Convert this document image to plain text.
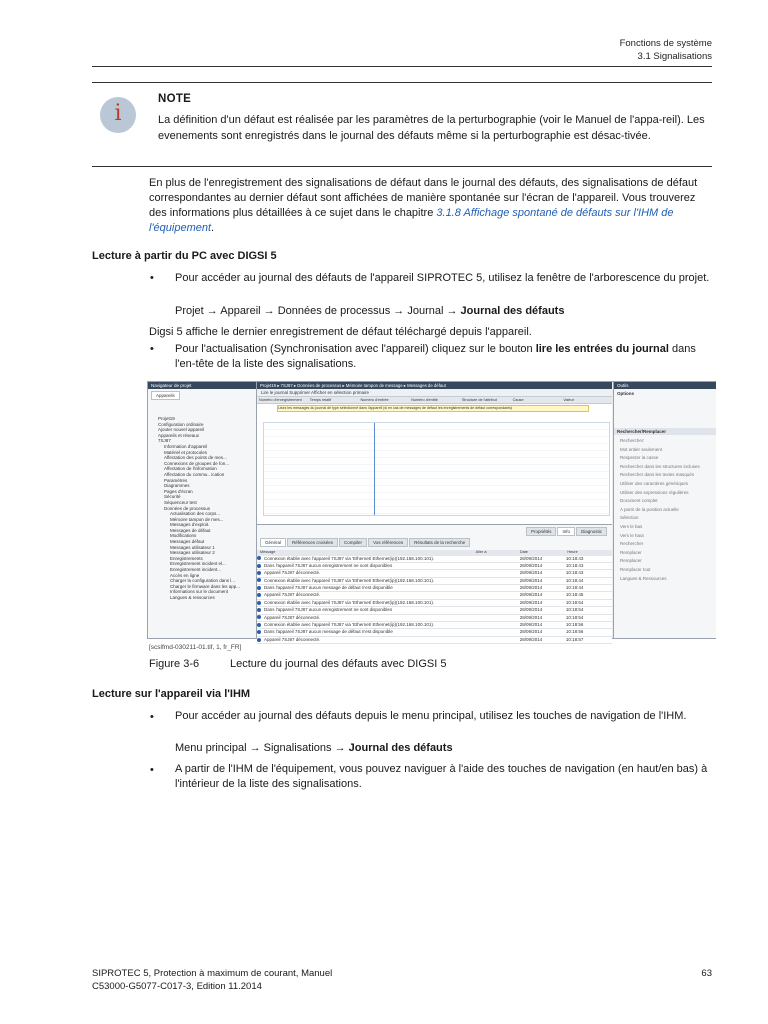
Fonctions de système
3.1 Signalisations
i
NOTE
La définition d'un défaut est réalisée par les paramètres de la perturbographie (voir le Manuel de l'appa-reil). Les evenements sont enregistrés dans le journal des défauts même si la perturbographie est désac-tivée.
En plus de l'enregistrement des signalisations de défaut dans le journal des défauts, des signalisations de défaut correspondantes au dernier défaut sont affichées de manière spontanée sur l'écran de l'appareil. Vous trouverez des informations plus détaillées à ce sujet dans le chapitre 3.1.8 Affichage spontané de défauts sur l'IHM de l'équipement.
Lecture à partir du PC avec DIGSI 5
• Pour accéder au journal des défauts de l'appareil SIPROTEC 5, utilisez la fenêtre de l'arborescence du projet.
Projet → Appareil → Données de processus → Journal → Journal des défauts
Digsi 5 affiche le dernier enregistrement de défaut téléchargé depuis l'appareil.
• Pour l'actualisation (Synchronisation avec l'appareil) cliquez sur le bouton lire les entrées du journal dans l'en-tête de la liste des signalisations.
Navigateur de projet
Appareils
Projet19
Configuration ordinaire
Ajouter nouvel appareil
Appareils et réseaux
7SJ87
Information d'appareil
Matériel et protocoles
Affectation des points de mes...
Connexions de groupes de fon...
Affectation de l'information
Affectation du commu.. ication
Paramètres
Diagrammes
Pages d'écran
Sécurité
Séquenceur test
Données de processus
Actualisation des corps...
Mémoire tampon de mes...
Messages d'exploit.
Messages de défaut
Modifications
Messages défaut
Messages utilisateur 1
Messages utilisateur 2
Enregistrements
Enregistrement incident el...
Enregistrement incident...
Accès en ligne
Charger la configuration dans l...
Charger le firmware dans les app...
Informations sur le document
Langues & ressources
Projet19 ▸ 7SJ87 ▸ Données de processus ▸ Mémoire tampon de message ▸ Messages de défaut
Lire le journal Supprimer Afficher en sélection primaire
Numéro d'enregistrement	Temps relatif	Numéro d'entrée	Numéro d'entité	Structure de l'attribut	Cause	Valeur
Lisez les messages du journal de type sélectionné dans l'appareil (si en cas de messages de défaut les enregistrements de défaut correspondants)
Propriétés Info Diagnostic
Général Références croisées Compiler Vos références Résultats de la recherche
Message	Aller à	Date	Heure
Connexion établie avec l'appareil 7SJ87 via 'Ethernet/ Ethernet(ip)(192.168.100.101).	28/09/2014	10:18:43
Dans l'appareil 7SJ87 aucun enregistrement ne sont disponibles	28/09/2014	10:18:43
Appareil 7SJ87 déconnecté.	28/09/2014	10:18:43
Connexion établie avec l'appareil 7SJ87 via 'Ethernet/ Ethernet(ip)(192.168.100.101).	28/09/2014	10:18:44
Dans l'appareil 7SJ87 aucun message de défaut n'est disponible	28/09/2014	10:18:44
Appareil 7SJ87 déconnecté.	28/09/2014	10:18:45
Connexion établie avec l'appareil 7SJ87 via 'Ethernet/ Ethernet(ip)(192.168.100.101).	28/09/2014	10:18:54
Dans l'appareil 7SJ87 aucun enregistrement ne sont disponibles	28/09/2014	10:18:54
Appareil 7SJ87 déconnecté.	28/09/2014	10:18:54
Connexion établie avec l'appareil 7SJ87 via 'Ethernet/ Ethernet(ip)(192.168.100.101).	28/09/2014	10:18:56
Dans l'appareil 7SJ87 aucun message de défaut n'est disponible	28/09/2014	10:18:56
Appareil 7SJ87 déconnecté.	28/09/2014	10:18:57
Outils
Options
Rechercher/Remplacer
Rechercher:
Mot entier seulement
Respecter la casse
Rechercher dans les structures incluses
Rechercher dans les textes masqués
Utiliser des caractères génériques
Utiliser des expressions régulières
Document complet
A partir de la position actuelle
Sélection
Vers le bas
Vers le haut
Rechercher
Remplacer
Remplacer
Remplacer tout
Langues & Ressources
[scslfmd-030211-01.tif, 1, fr_FR]
Figure 3-6	Lecture du journal des défauts avec DIGSI 5
Lecture sur l'appareil via l'IHM
• Pour accéder au journal des défauts depuis le menu principal, utilisez les touches de navigation de l'IHM.
Menu principal → Signalisations → Journal des défauts
• A partir de l'IHM de l'équipement, vous pouvez naviguer à l'aide des touches de navigation (en haut/en bas) à l'intérieur de la liste des signalisations.
SIPROTEC 5, Protection à maximum de courant, Manuel
C53000-G5077-C017-3, Edition 11.2014
63
